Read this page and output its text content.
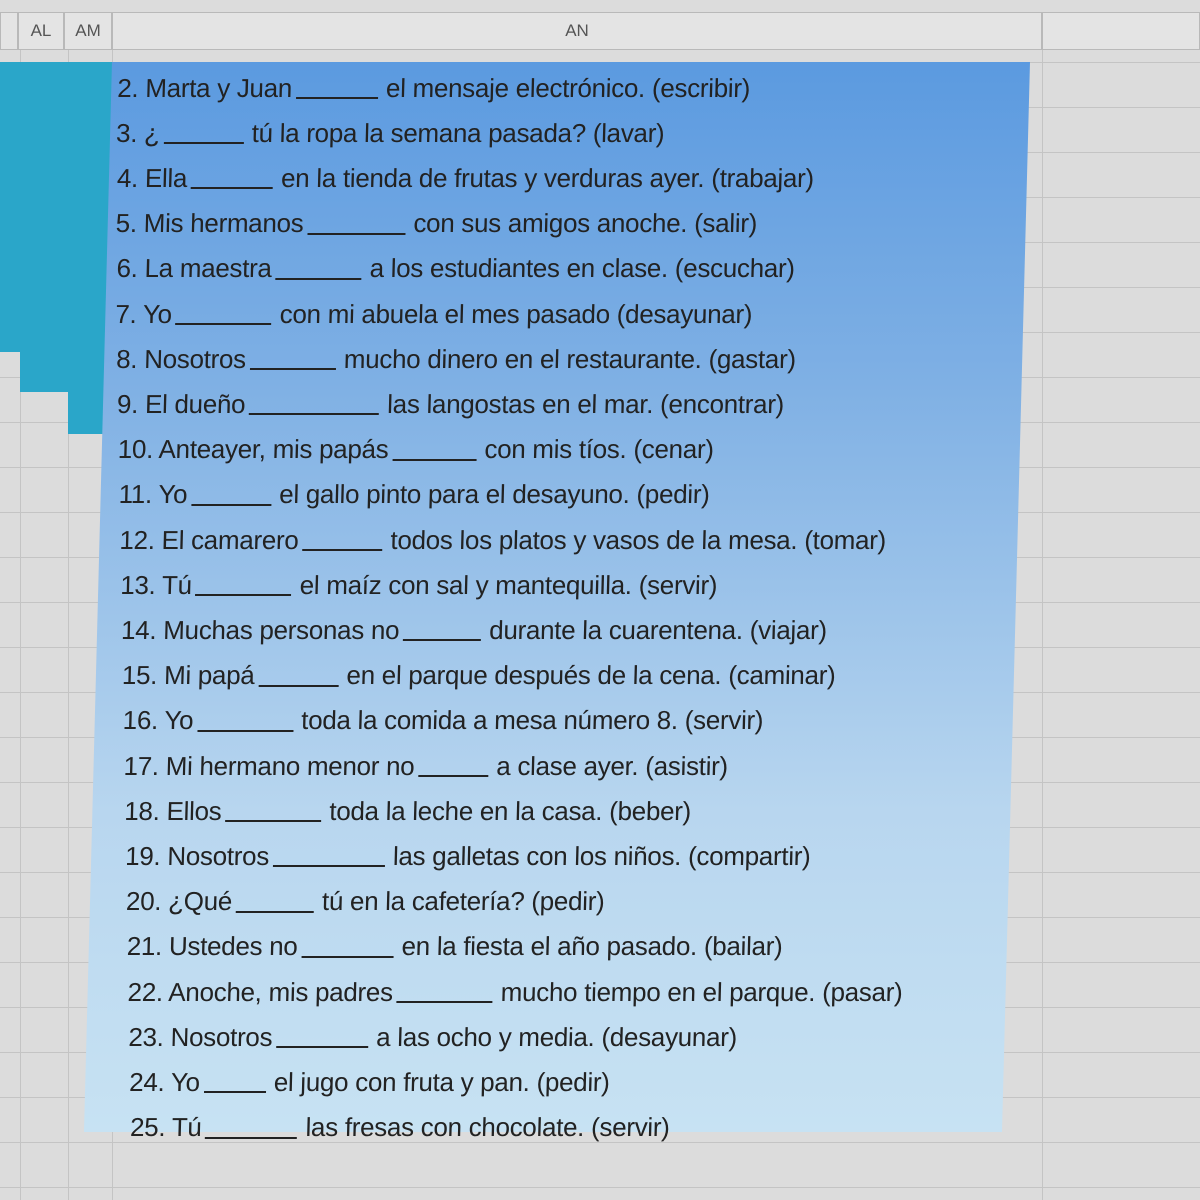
AL	AM	AN
2. Marta y Juan	el mensaje electrónico. (escribir)
3. ¿	tú la ropa la semana pasada? (lavar)
4. Ella	en la tienda de frutas y verduras ayer. (trabajar)
5. Mis hermanos	con sus amigos anoche. (salir)
6. La maestra	a los estudiantes en clase. (escuchar)
7. Yo	con mi abuela el mes pasado (desayunar)
8. Nosotros	mucho dinero en el restaurante. (gastar)
9. El dueño	las langostas en el mar. (encontrar)
10. Anteayer, mis papás	con mis tíos. (cenar)
11. Yo	el gallo pinto para el desayuno. (pedir)
12. El camarero	todos los platos y vasos de la mesa. (tomar)
13. Tú	el maíz con sal y mantequilla. (servir)
14. Muchas personas no	durante la cuarentena. (viajar)
15. Mi papá	en el parque después de la cena. (caminar)
16. Yo	toda la comida a mesa número 8. (servir)
17. Mi hermano menor no	a clase ayer. (asistir)
18. Ellos	toda la leche en la casa. (beber)
19. Nosotros	las galletas con los niños. (compartir)
20. ¿Qué	tú en la cafetería? (pedir)
21. Ustedes no	en la fiesta el año pasado. (bailar)
22. Anoche, mis padres	mucho tiempo en el parque. (pasar)
23. Nosotros	a las ocho y media. (desayunar)
24. Yo	el jugo con fruta y pan. (pedir)
25. Tú	las fresas con chocolate. (servir)
